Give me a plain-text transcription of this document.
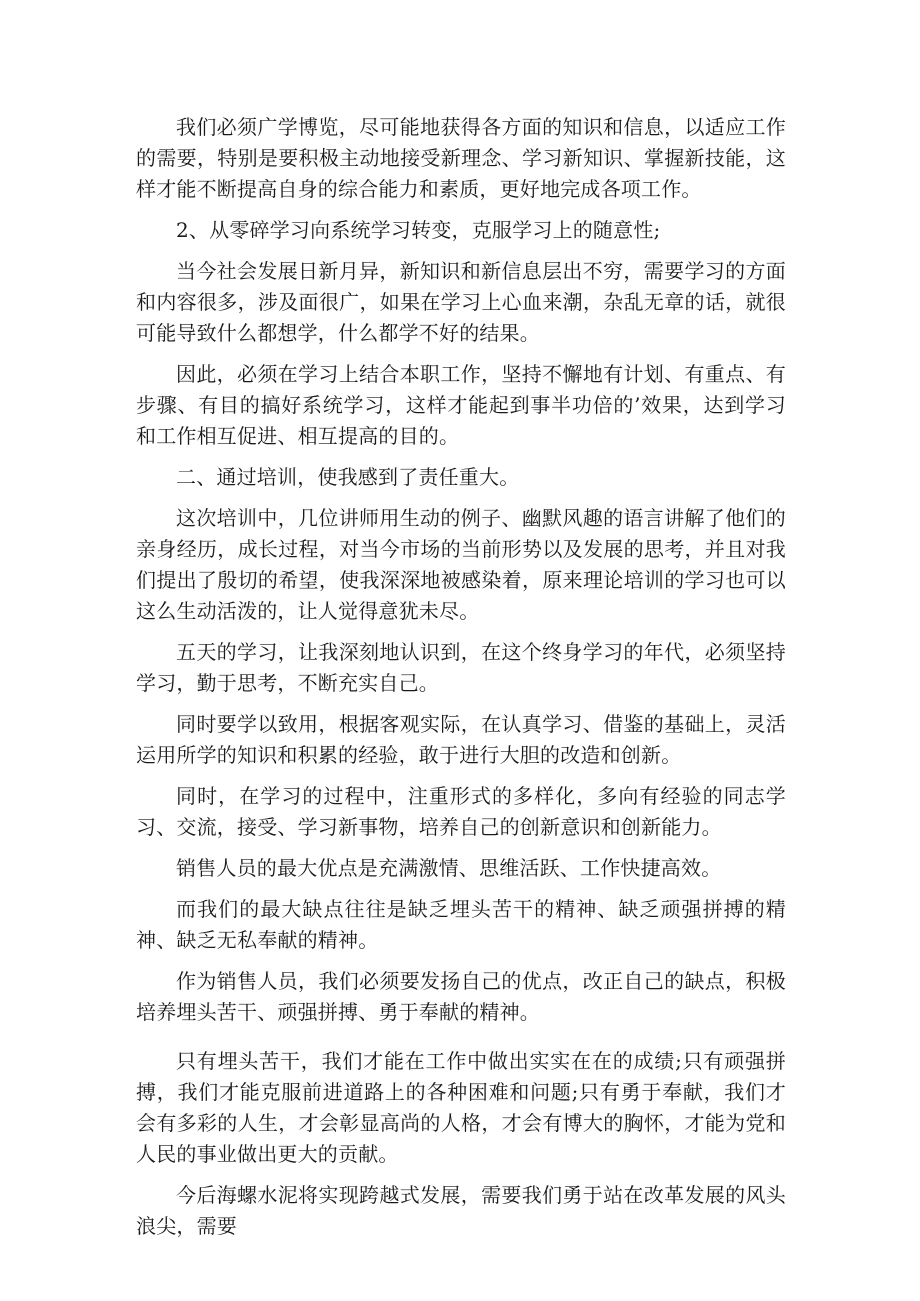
我们必须广学博览，尽可能地获得各方面的知识和信息，以适应工作的需要，特别是要积极主动地接受新理念、学习新知识、掌握新技能，这样才能不断提高自身的综合能力和素质，更好地完成各项工作。

2、从零碎学习向系统学习转变，克服学习上的随意性;

当今社会发展日新月异，新知识和新信息层出不穷，需要学习的方面和内容很多，涉及面很广，如果在学习上心血来潮，杂乱无章的话，就很可能导致什么都想学，什么都学不好的结果。

因此，必须在学习上结合本职工作，坚持不懈地有计划、有重点、有步骤、有目的搞好系统学习，这样才能起到事半功倍的’效果，达到学习和工作相互促进、相互提高的目的。

二、通过培训，使我感到了责任重大。

这次培训中，几位讲师用生动的例子、幽默风趣的语言讲解了他们的亲身经历，成长过程，对当今市场的当前形势以及发展的思考，并且对我们提出了殷切的希望，使我深深地被感染着，原来理论培训的学习也可以这么生动活泼的，让人觉得意犹未尽。

五天的学习，让我深刻地认识到，在这个终身学习的年代，必须坚持学习，勤于思考，不断充实自己。

同时要学以致用，根据客观实际，在认真学习、借鉴的基础上，灵活运用所学的知识和积累的经验，敢于进行大胆的改造和创新。

同时，在学习的过程中，注重形式的多样化，多向有经验的同志学习、交流，接受、学习新事物，培养自己的创新意识和创新能力。

销售人员的最大优点是充满激情、思维活跃、工作快捷高效。

而我们的最大缺点往往是缺乏埋头苦干的精神、缺乏顽强拼搏的精神、缺乏无私奉献的精神。

作为销售人员，我们必须要发扬自己的优点，改正自己的缺点，积极培养埋头苦干、顽强拼搏、勇于奉献的精神。

只有埋头苦干，我们才能在工作中做出实实在在的成绩;只有顽强拼搏，我们才能克服前进道路上的各种困难和问题;只有勇于奉献，我们才会有多彩的人生，才会彰显高尚的人格，才会有博大的胸怀，才能为党和人民的事业做出更大的贡献。

今后海螺水泥将实现跨越式发展，需要我们勇于站在改革发展的风头浪尖，需要
